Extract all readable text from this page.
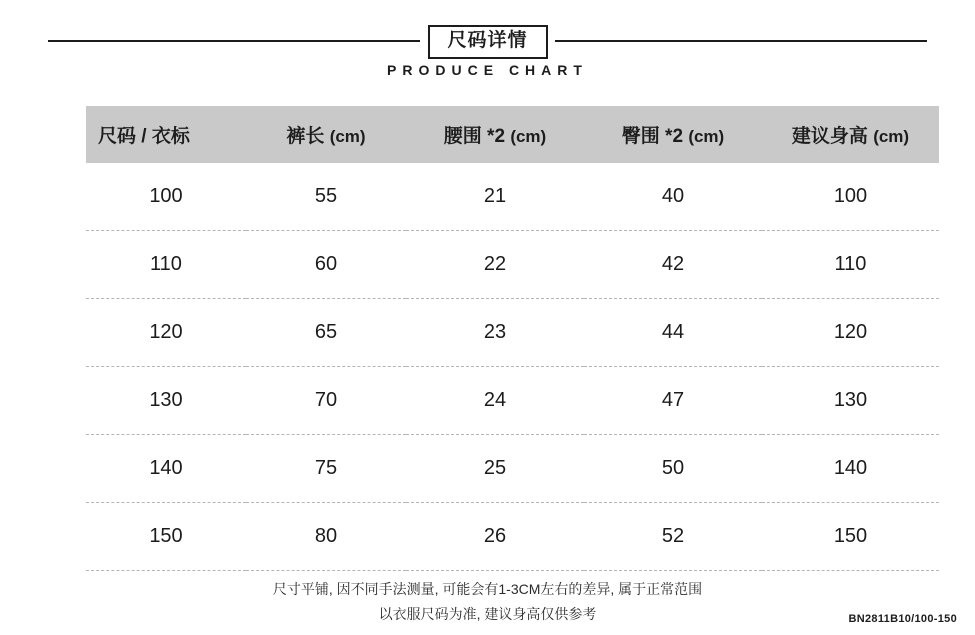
尺码详情
PRODUCE CHART
尺码 / 衣标	裤长 (cm)	腰围 *2 (cm)	臀围 *2 (cm)	建议身高 (cm)
100	55	21	40	100
110	60	22	42	110
120	65	23	44	120
130	70	24	47	130
140	75	25	50	140
150	80	26	52	150
尺寸平铺, 因不同手法测量, 可能会有1-3CM左右的差异, 属于正常范围
以衣服尺码为准, 建议身高仅供参考	BN2811B10/100-150
